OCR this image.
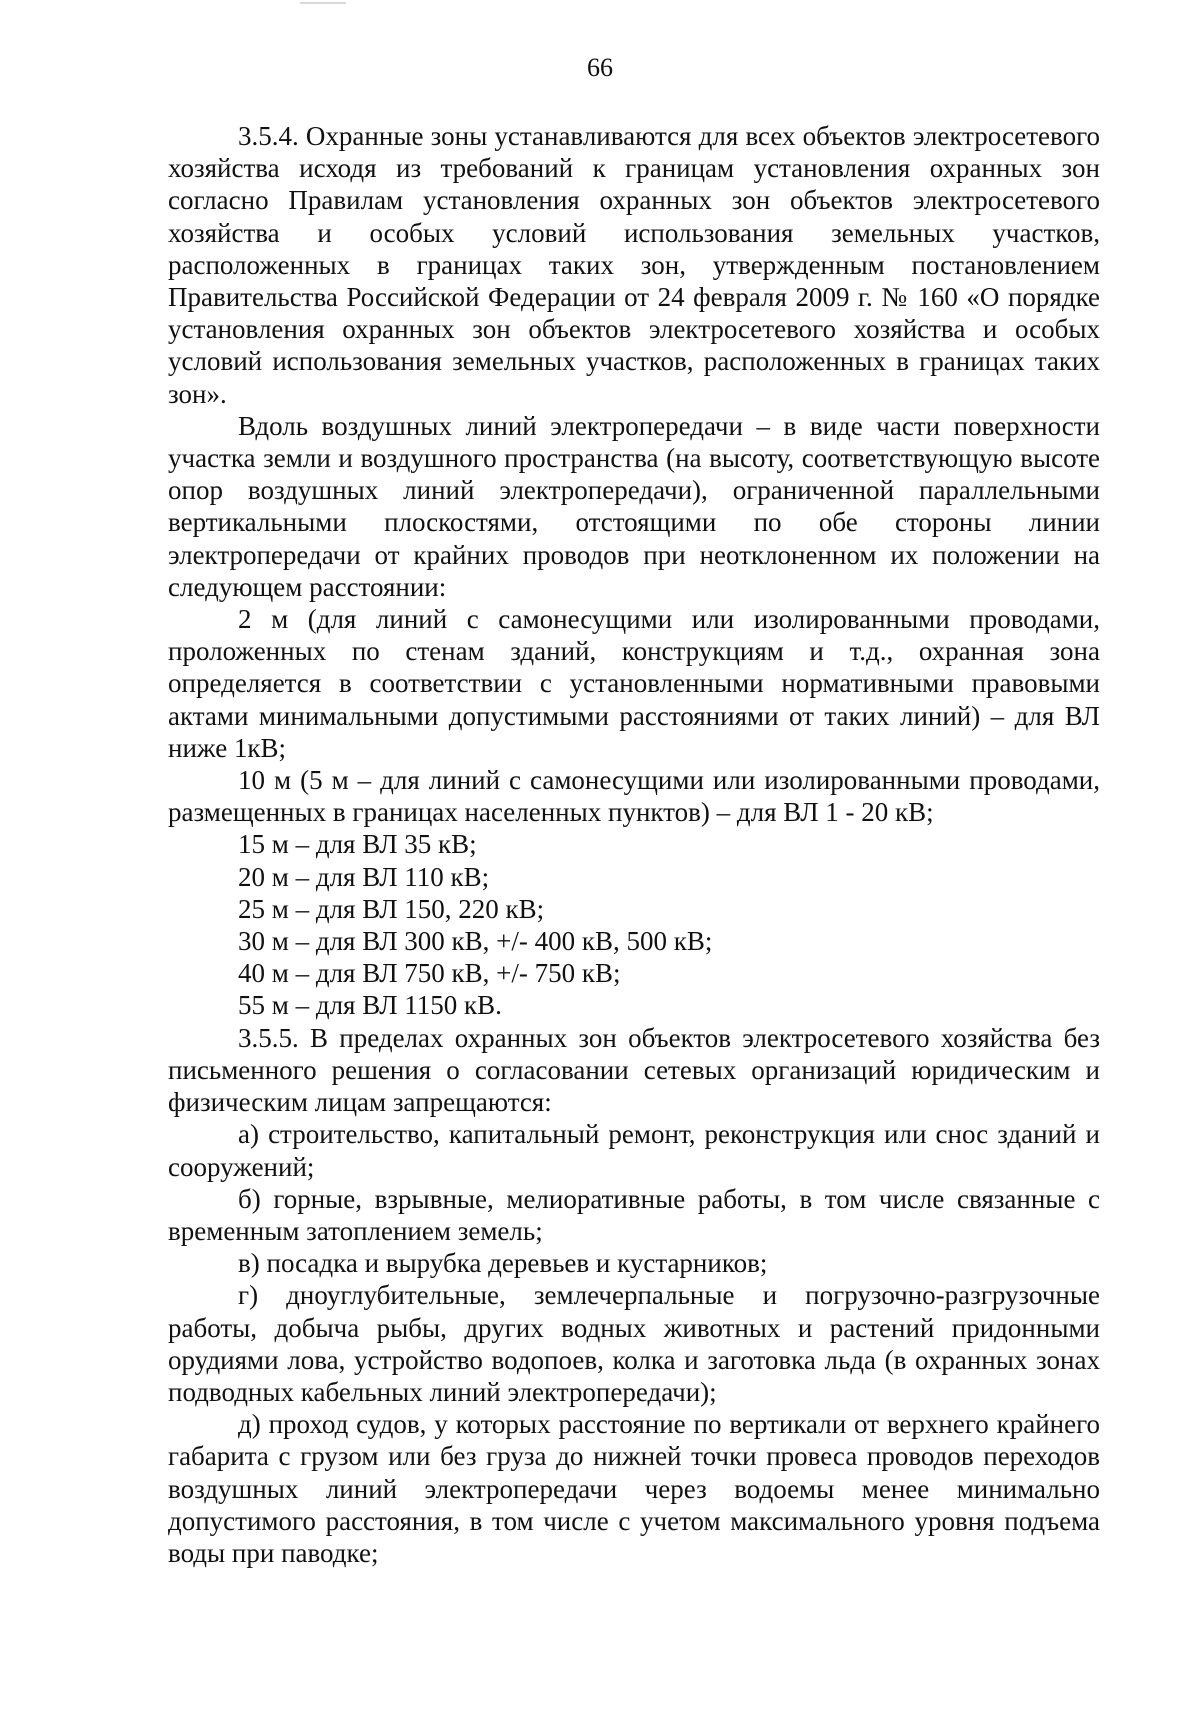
66

3.5.4. Охранные зоны устанавливаются для всех объектов электросетевого хозяйства исходя из требований к границам установления охранных зон согласно Правилам установления охранных зон объектов электросетевого хозяйства и особых условий использования земельных участков, расположенных в границах таких зон, утвержденным постановлением Правительства Российской Федерации от 24 февраля 2009 г. № 160 «О порядке установления охранных зон объектов электросетевого хозяйства и особых условий использования земельных участков, расположенных в границах таких зон».

Вдоль воздушных линий электропередачи – в виде части поверхности участка земли и воздушного пространства (на высоту, соответствующую высоте опор воздушных линий электропередачи), ограниченной параллельными вертикальными плоскостями, отстоящими по обе стороны линии электропередачи от крайних проводов при неотклоненном их положении на следующем расстоянии:

2 м (для линий с самонесущими или изолированными проводами, проложенных по стенам зданий, конструкциям и т.д., охранная зона определяется в соответствии с установленными нормативными правовыми актами минимальными допустимыми расстояниями от таких линий) – для ВЛ ниже 1кВ;

10 м (5 м – для линий с самонесущими или изолированными проводами, размещенных в границах населенных пунктов) – для ВЛ 1 - 20 кВ;

15 м – для ВЛ 35 кВ;

20 м – для ВЛ 110 кВ;

25 м – для ВЛ 150, 220 кВ;

30 м – для ВЛ 300 кВ, +/- 400 кВ, 500 кВ;

40 м – для ВЛ 750 кВ, +/- 750 кВ;

55 м – для ВЛ 1150 кВ.

3.5.5. В пределах охранных зон объектов электросетевого хозяйства без письменного решения о согласовании сетевых организаций юридическим и физическим лицам запрещаются:

а) строительство, капитальный ремонт, реконструкция или снос зданий и сооружений;

б) горные, взрывные, мелиоративные работы, в том числе связанные с временным затоплением земель;

в) посадка и вырубка деревьев и кустарников;

г) дноуглубительные, землечерпальные и погрузочно-разгрузочные работы, добыча рыбы, других водных животных и растений придонными орудиями лова, устройство водопоев, колка и заготовка льда (в охранных зонах подводных кабельных линий электропередачи);

д) проход судов, у которых расстояние по вертикали от верхнего крайнего габарита с грузом или без груза до нижней точки провеса проводов переходов воздушных линий электропередачи через водоемы менее минимально допустимого расстояния, в том числе с учетом максимального уровня подъема воды при паводке;
